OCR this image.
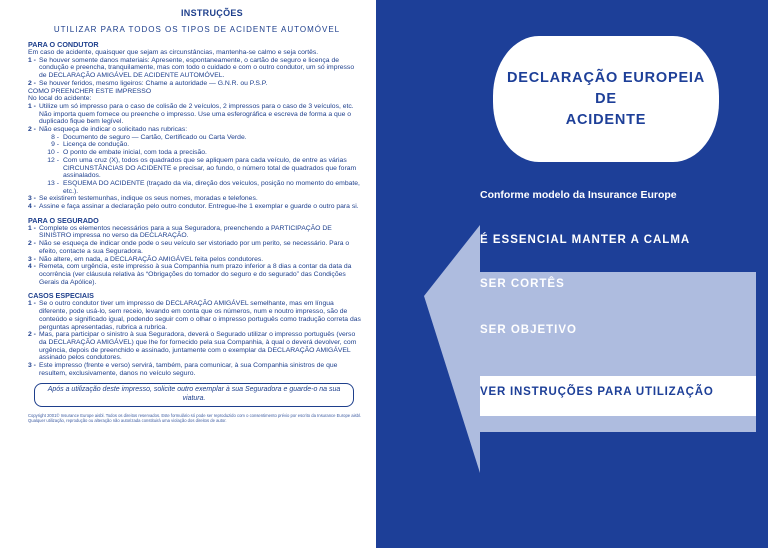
INSTRUÇÕES
UTILIZAR PARA TODOS OS TIPOS DE ACIDENTE AUTOMÓVEL
PARA O CONDUTOR
Em caso de acidente, quaisquer que sejam as circunstâncias, mantenha-se calmo e seja cortês.
1 - Se houver somente danos materiais: Apresente, espontaneamente, o cartão de seguro e licença de condução e preencha, tranquilamente, mas com todo o cuidado e com o outro condutor, um só impresso de DECLARAÇÃO AMIGÁVEL DE ACIDENTE AUTOMÓVEL.
2 - Se houver feridos, mesmo ligeiros: Chame a autoridade — G.N.R. ou P.S.P.
COMO PREENCHER ESTE IMPRESSO
No local do acidente:
1 - Utilize um só impresso para o caso de colisão de 2 veículos, 2 impressos para o caso de 3 veículos, etc. Não importa quem fornece ou preenche o impresso. Use uma esferográfica e escreva de forma a que o duplicado fique bem legível.
2 - Não esqueça de indicar o solicitado nas rubricas:
8 - Documento de seguro — Cartão, Certificado ou Carta Verde.
9 - Licença de condução.
10 - O ponto de embate inicial, com toda a precisão.
12 - Com uma cruz (X), todos os quadrados que se apliquem para cada veículo, de entre as várias CIRCUNSTÂNCIAS DO ACIDENTE e precisar, ao fundo, o número total de quadrados que foram assinalados.
13 - ESQUEMA DO ACIDENTE (traçado da via, direção dos veículos, posição no momento do embate, etc.).
3 - Se existirem testemunhas, indique os seus nomes, moradas e telefones.
4 - Assine e faça assinar a declaração pelo outro condutor. Entregue-lhe 1 exemplar e guarde o outro para si.
PARA O SEGURADO
1 - Complete os elementos necessários para a sua Seguradora, preenchendo a PARTICIPAÇÃO DE SINISTRO impressa no verso da DECLARAÇÃO.
2 - Não se esqueça de indicar onde pode o seu veículo ser vistoriado por um perito, se necessário. Para o efeito, contacte a sua Seguradora.
3 - Não altere, em nada, a DECLARAÇÃO AMIGÁVEL feita pelos condutores.
4 - Remeta, com urgência, este impresso à sua Companhia num prazo inferior a 8 dias a contar da data da ocorrência (ver cláusula relativa às “Obrigações do tomador do seguro e do segurado” das Condições Gerais da Apólice).
CASOS ESPECIAIS
1 - Se o outro condutor tiver um impresso de DECLARAÇÃO AMIGÁVEL semelhante, mas em língua diferente, pode usá-lo, sem receio, levando em conta que os números, num e noutro impresso, são de conteúdo e significado igual, podendo seguir com o olhar o impresso português como tradução correta das perguntas apresentadas, rubrica a rubrica.
2 - Mas, para participar o sinistro à sua Seguradora, deverá o Segurado utilizar o impresso português (verso da DECLARAÇÃO AMIGÁVEL) que lhe for fornecido pela sua Companhia, à qual o deverá devolver, com urgência, depois de preenchido e assinado, juntamente com o exemplar da DECLARAÇÃO AMIGÁVEL assinado pelos condutores.
3 - Este impresso (frente e verso) servirá, também, para comunicar, à sua Companhia sinistros de que resultem, exclusivamente, danos no veículo seguro.
Após a utilização deste impresso, solicite outro exemplar à sua Seguradora e guarde-o na sua viatura.
Copyright 2001© Insurance Europe aisbl. Todos os direitos reservados. Este formulário só pode ser reproduzido com o consentimento prévio por escrito da Insurance Europe aisbl. Qualquer utilização, reprodução ou alteração não autorizada constituirá uma violação dos direitos de autor.
DECLARAÇÃO EUROPEIA
DE
ACIDENTE
Conforme modelo da Insurance Europe
É ESSENCIAL MANTER A CALMA
SER CORTÊS
SER OBJETIVO
VER INSTRUÇÕES PARA UTILIZAÇÃO
